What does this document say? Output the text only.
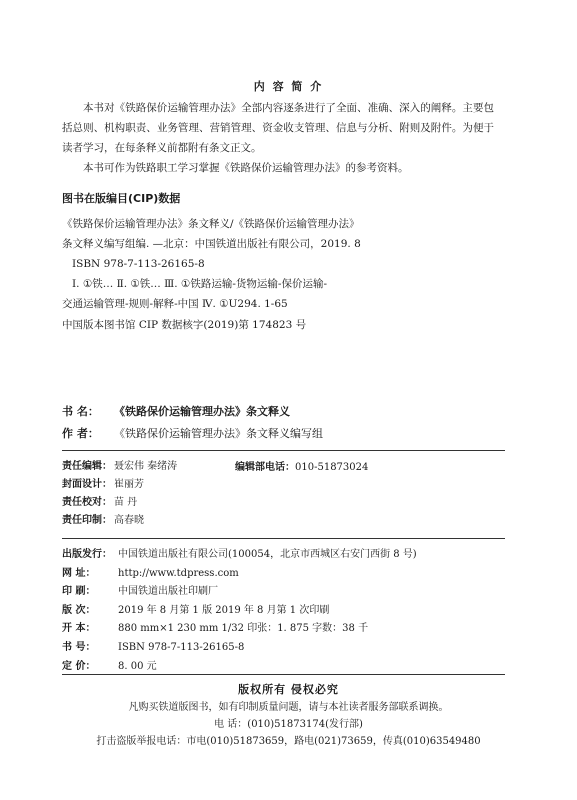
内 容 简 介

本书对《铁路保价运输管理办法》全部内容逐条进行了全面、准确、深入的阐释。主要包括总则、机构职责、业务管理、营销管理、资金收支管理、信息与分析、附则及附件。为便于读者学习，在每条释义前都附有条文正文。

本书可作为铁路职工学习掌握《铁路保价运输管理办法》的参考资料。

图书在版编目(CIP)数据
《铁路保价运输管理办法》条文释义/《铁路保价运输管理办法》
条文释义编写组编. —北京：中国铁道出版社有限公司，2019. 8
ISBN 978-7-113-26165-8
Ⅰ. ①铁… Ⅱ. ①铁… Ⅲ. ①铁路运输-货物运输-保价运输-
交通运输管理-规则-解释-中国 Ⅳ. ①U294. 1-65
中国版本图书馆 CIP 数据核字(2019)第 174823 号
书 名： 《铁路保价运输管理办法》条文释义
作 者： 《铁路保价运输管理办法》条文释义编写组
责任编辑： 聂宏伟 秦绪涛
封面设计： 崔丽芳
责任校对： 苗 丹
责任印制： 高春晓
编辑部电话：010-51873024
出版发行： 中国铁道出版社有限公司(100054，北京市西城区右安门西街 8 号)
网 址： http://www.tdpress.com
印 刷： 中国铁道出版社印刷厂
版 次： 2019 年 8 月第 1 版 2019 年 8 月第 1 次印刷
开 本： 880 mm×1 230 mm 1/32 印张：1. 875 字数：38 千
书 号： ISBN 978-7-113-26165-8
定 价： 8. 00 元
版权所有 侵权必究
凡购买铁道版图书，如有印制质量问题，请与本社读者服务部联系调换。
电 话：(010)51873174(发行部)
打击盗版举报电话：市电(010)51873659，路电(021)73659，传真(010)63549480
